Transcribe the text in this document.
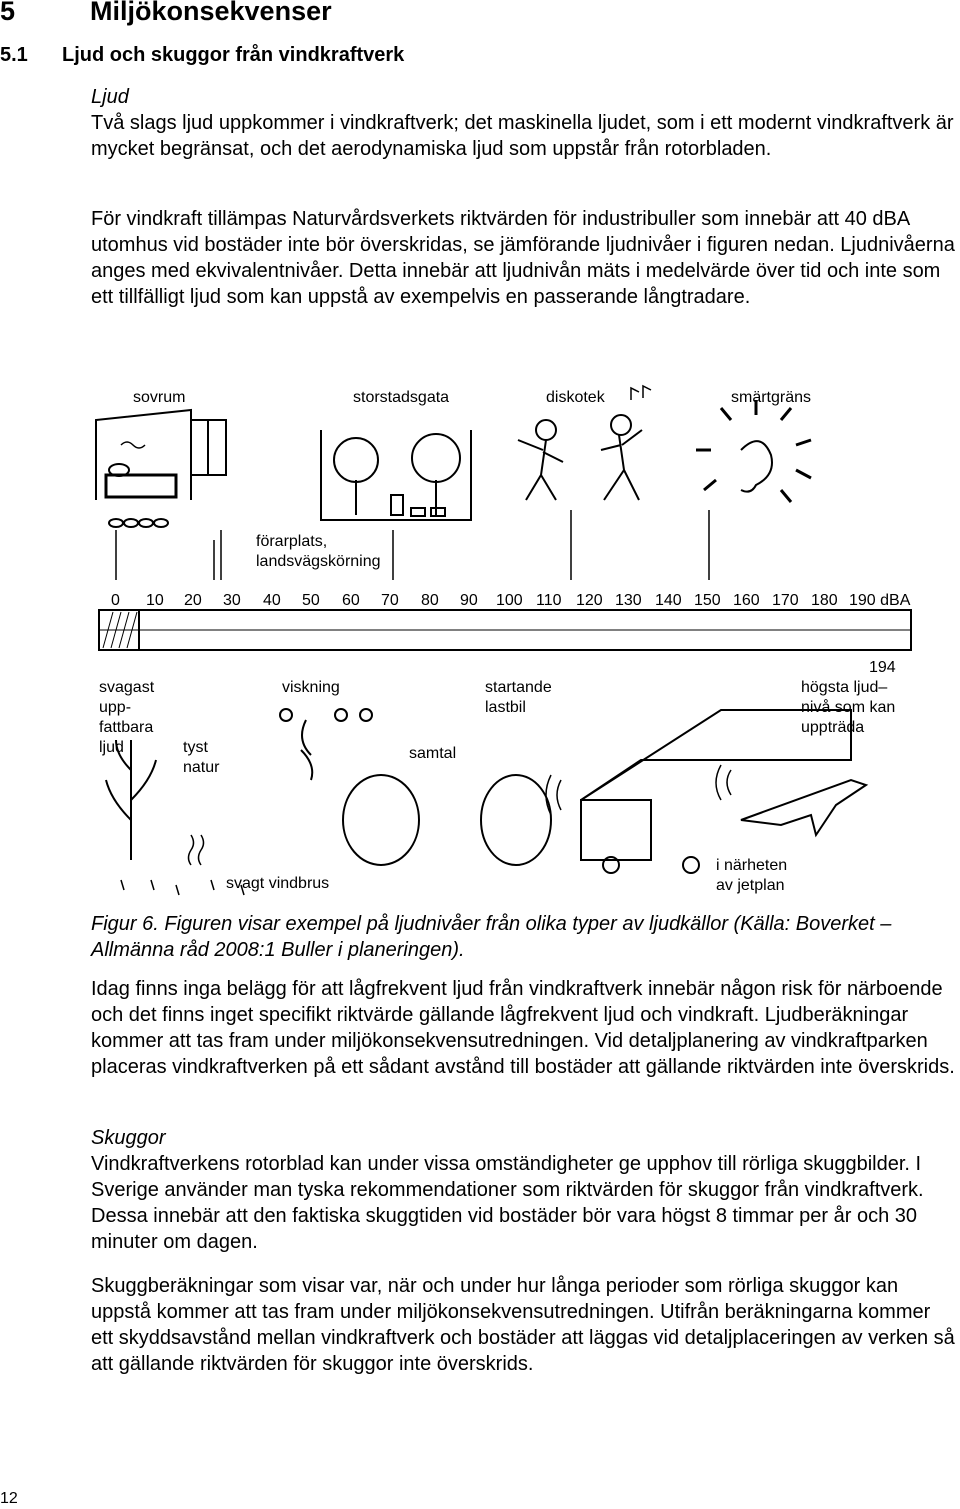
5	Miljökonsekvenser
5.1 Ljud och skuggor från vindkraftverk

Ljud

Två slags ljud uppkommer i vindkraftverk; det maskinella ljudet, som i ett modernt vindkraftverk är mycket begränsat, och det aerodynamiska ljud som uppstår från rotorbladen.

För vindkraft tillämpas Naturvårdsverkets riktvärden för industribuller som innebär att 40 dBA utomhus vid bostäder inte bör överskridas, se jämförande ljudnivåer i figuren nedan. Ljudnivåerna anges med ekvivalentnivåer. Detta innebär att ljudnivån mäts i medelvärde över tid och inte som ett tillfälligt ljud som kan uppstå av exempelvis en passerande långtradare.

0 10 20 30 40 50 60 70 80 90 100 110 120 130 140 150 160 170 180 190 dBA
sovrum	storstadsgata	diskotek	smärtgräns
förarplats,
landsvägskörning
svagast
upp-
fattbara
ljud	tyst
natur
viskning
samtal
startande
lastbil
194
högsta ljud–
nivå som kan
uppträda
svagt vindbrus
i närheten
av jetplan

Figur 6. Figuren visar exempel på ljudnivåer från olika typer av ljudkällor (Källa: Boverket – Allmänna råd 2008:1 Buller i planeringen).

Idag finns inga belägg för att lågfrekvent ljud från vindkraftverk innebär någon risk för närboende och det finns inget specifikt riktvärde gällande lågfrekvent ljud och vindkraft. Ljudberäkningar kommer att tas fram under miljökonsekvensutredningen. Vid detaljplanering av vindkraftparken placeras vindkraftverken på ett sådant avstånd till bostäder att gällande riktvärden inte överskrids.

Skuggor

Vindkraftverkens rotorblad kan under vissa omständigheter ge upphov till rörliga skuggbilder. I Sverige använder man tyska rekommendationer som riktvärden för skuggor från vindkraftverk. Dessa innebär att den faktiska skuggtiden vid bostäder bör vara högst 8 timmar per år och 30 minuter om dagen.

Skuggberäkningar som visar var, när och under hur långa perioder som rörliga skuggor kan uppstå kommer att tas fram under miljökonsekvensutredningen. Utifrån beräkningarna kommer ett skyddsavstånd mellan vindkraftverk och bostäder att läggas vid detaljplaceringen av verken så att gällande riktvärden för skuggor inte överskrids.

12
